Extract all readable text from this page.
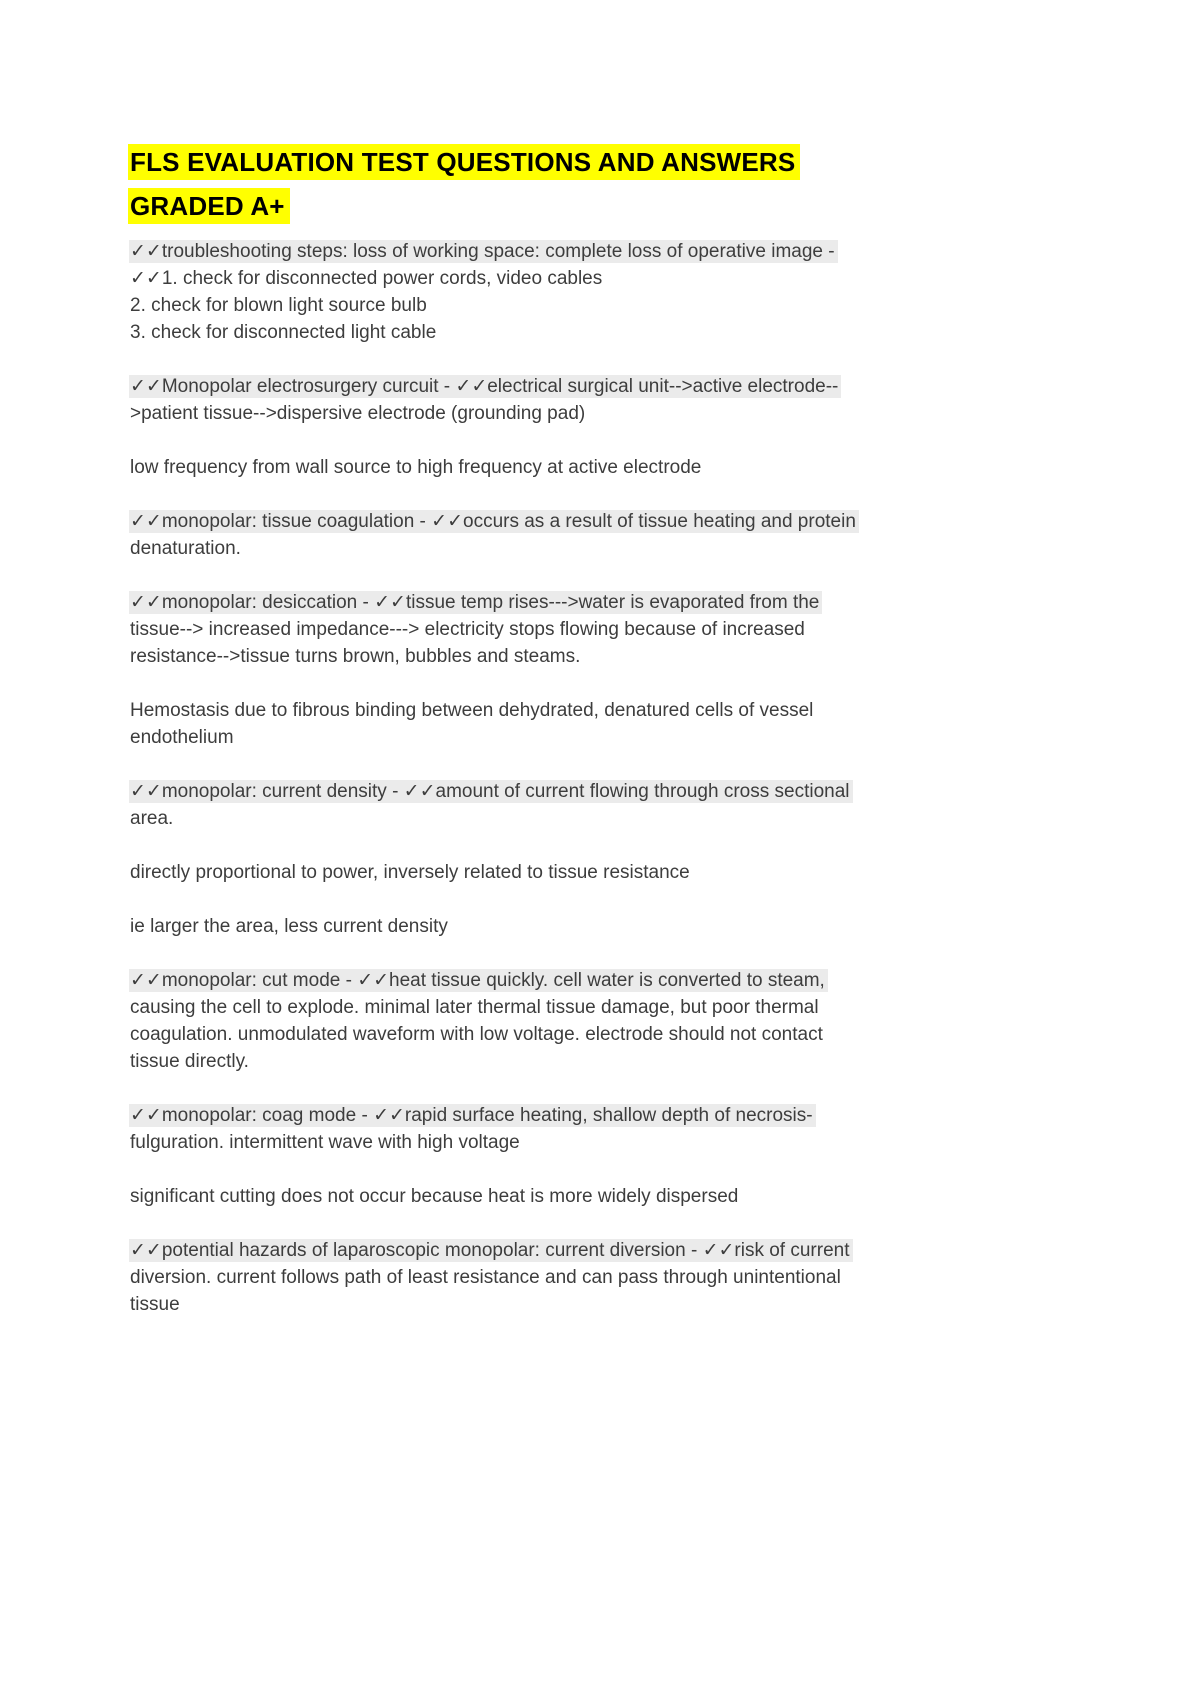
FLS EVALUATION TEST QUESTIONS AND ANSWERS
GRADED A+

✓✓troubleshooting steps: loss of working space: complete loss of operative image -
✓✓1. check for disconnected power cords, video cables
2. check for blown light source bulb
3. check for disconnected light cable

✓✓Monopolar electrosurgery curcuit - ✓✓electrical surgical unit-->active electrode--
>patient tissue-->dispersive electrode (grounding pad)

low frequency from wall source to high frequency at active electrode

✓✓monopolar: tissue coagulation - ✓✓occurs as a result of tissue heating and protein
denaturation.

✓✓monopolar: desiccation - ✓✓tissue temp rises--->water is evaporated from the
tissue--> increased impedance---> electricity stops flowing because of increased
resistance-->tissue turns brown, bubbles and steams.

Hemostasis due to fibrous binding between dehydrated, denatured cells of vessel
endothelium

✓✓monopolar: current density - ✓✓amount of current flowing through cross sectional
area.

directly proportional to power, inversely related to tissue resistance

ie larger the area, less current density

✓✓monopolar: cut mode - ✓✓heat tissue quickly. cell water is converted to steam,
causing the cell to explode. minimal later thermal tissue damage, but poor thermal
coagulation. unmodulated waveform with low voltage. electrode should not contact
tissue directly.

✓✓monopolar: coag mode - ✓✓rapid surface heating, shallow depth of necrosis-
fulguration. intermittent wave with high voltage

significant cutting does not occur because heat is more widely dispersed

✓✓potential hazards of laparoscopic monopolar: current diversion - ✓✓risk of current
diversion. current follows path of least resistance and can pass through unintentional
tissue
